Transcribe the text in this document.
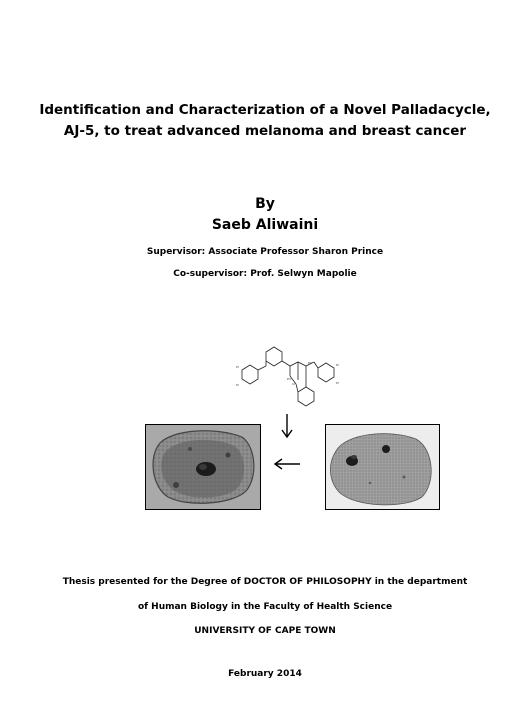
Identification and Characterization of a Novel Palladacycle,
AJ-5, to treat advanced melanoma and breast cancer
By
Saeb Aliwaini
Supervisor: Associate Professor Sharon Prince
Co-supervisor: Prof. Selwyn Mapolie
Pr
Pr
Pd
Cl
Ph	Pr
Pr
Thesis presented for the Degree of DOCTOR OF PHILOSOPHY in the department
of Human Biology in the Faculty of Health Science
UNIVERSITY OF CAPE TOWN
February 2014
